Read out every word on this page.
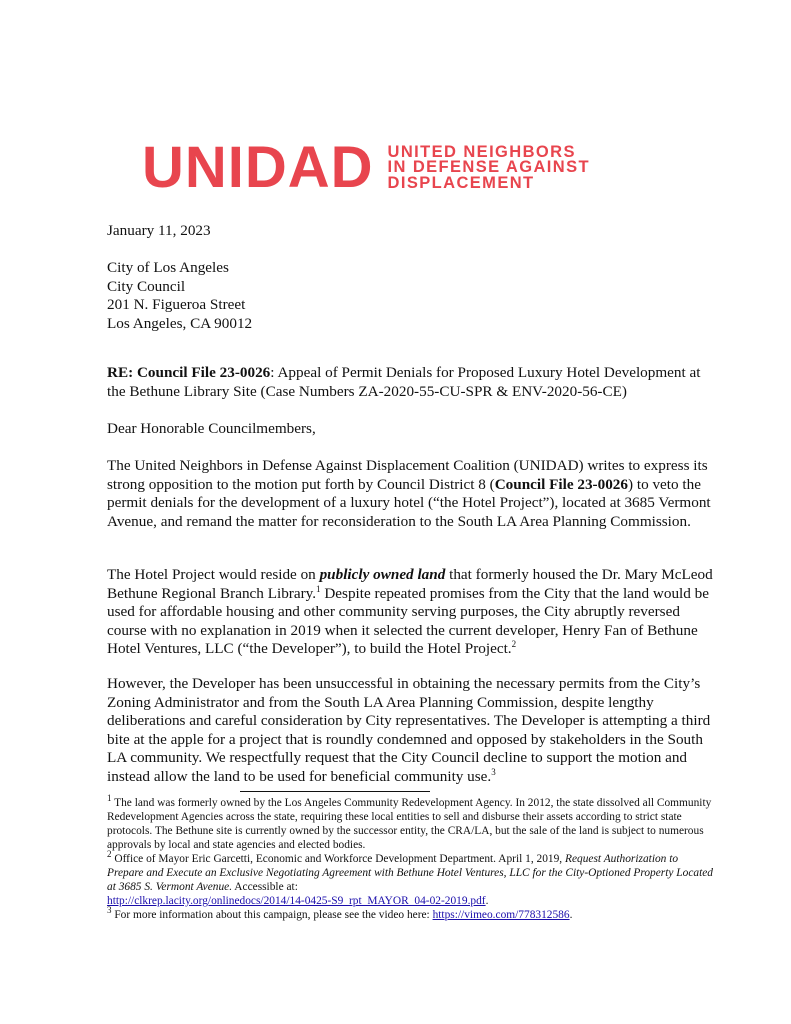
UNIDAD UNITED NEIGHBORS
IN DEFENSE AGAINST
DISPLACEMENT
January 11, 2023
City of Los Angeles
City Council
201 N. Figueroa Street
Los Angeles, CA 90012
RE: Council File 23-0026: Appeal of Permit Denials for Proposed Luxury Hotel Development at
the Bethune Library Site (Case Numbers ZA-2020-55-CU-SPR & ENV-2020-56-CE)
Dear Honorable Councilmembers,

The United Neighbors in Defense Against Displacement Coalition (UNIDAD) writes to express its strong opposition to the motion put forth by Council District 8 (Council File 23-0026) to veto the permit denials for the development of a luxury hotel (“the Hotel Project”), located at 3685 Vermont Avenue, and remand the matter for reconsideration to the South LA Area Planning Commission.

The Hotel Project would reside on publicly owned land that formerly housed the Dr. Mary McLeod Bethune Regional Branch Library.$^1$ Despite repeated promises from the City that the land would be used for affordable housing and other community serving purposes, the City abruptly reversed course with no explanation in 2019 when it selected the current developer, Henry Fan of Bethune Hotel Ventures, LLC (“the Developer”), to build the Hotel Project.$^2$

However, the Developer has been unsuccessful in obtaining the necessary permits from the City’s Zoning Administrator and from the South LA Area Planning Commission, despite lengthy deliberations and careful consideration by City representatives. The Developer is attempting a third bite at the apple for a project that is roundly condemned and opposed by stakeholders in the South LA community. We respectfully request that the City Council decline to support the motion and instead allow the land to be used for beneficial community use.$^3$

$^1$ The land was formerly owned by the Los Angeles Community Redevelopment Agency. In 2012, the state dissolved all Community Redevelopment Agencies across the state, requiring these local entities to sell and disburse their assets according to strict state protocols. The Bethune site is currently owned by the successor entity, the CRA/LA, but the sale of the land is subject to numerous approvals by local and state agencies and elected bodies.

$^2$ Office of Mayor Eric Garcetti, Economic and Workforce Development Department. April 1, 2019, Request Authorization to Prepare and Execute an Exclusive Negotiating Agreement with Bethune Hotel Ventures, LLC for the City-Optioned Property Located at 3685 S. Vermont Avenue. Accessible at:
http://clkrep.lacity.org/onlinedocs/2014/14-0425-S9_rpt_MAYOR_04-02-2019.pdf.

$^3$ For more information about this campaign, please see the video here: https://vimeo.com/778312586.
